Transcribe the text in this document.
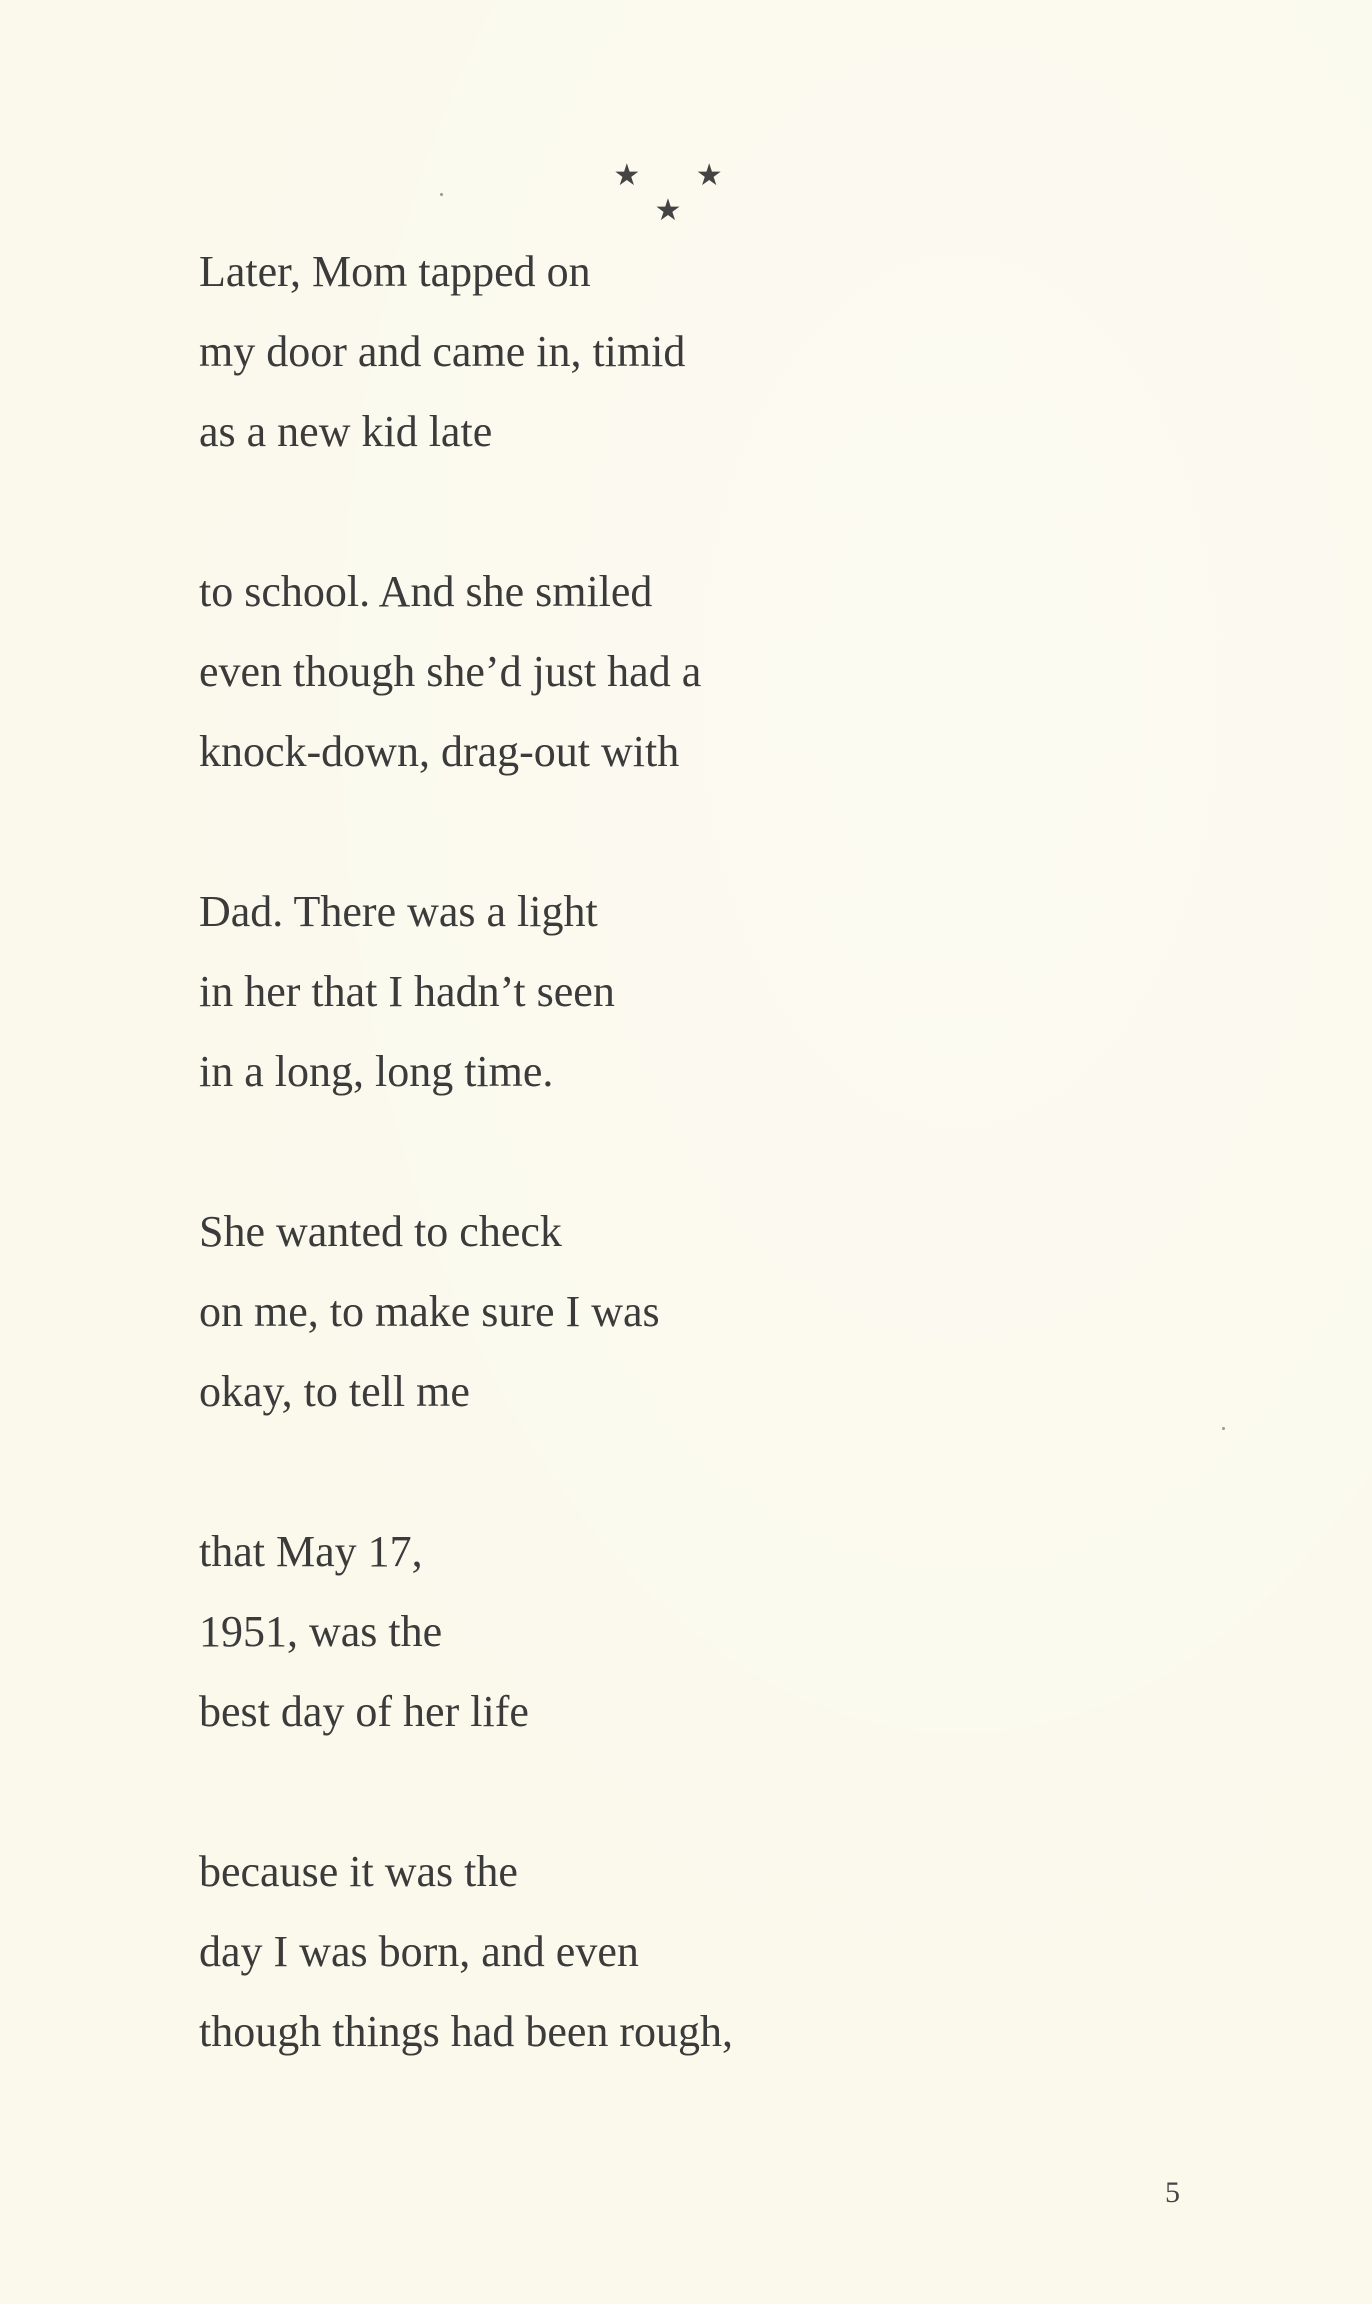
★ ★ ★
Later, Mom tapped on
my door and came in, timid
as a new kid late
to school. And she smiled
even though she’d just had a
knock-down, drag-out with
Dad. There was a light
in her that I hadn’t seen
in a long, long time.
She wanted to check
on me, to make sure I was
okay, to tell me
that May 17,
1951, was the
best day of her life
because it was the
day I was born, and even
though things had been rough,
5
